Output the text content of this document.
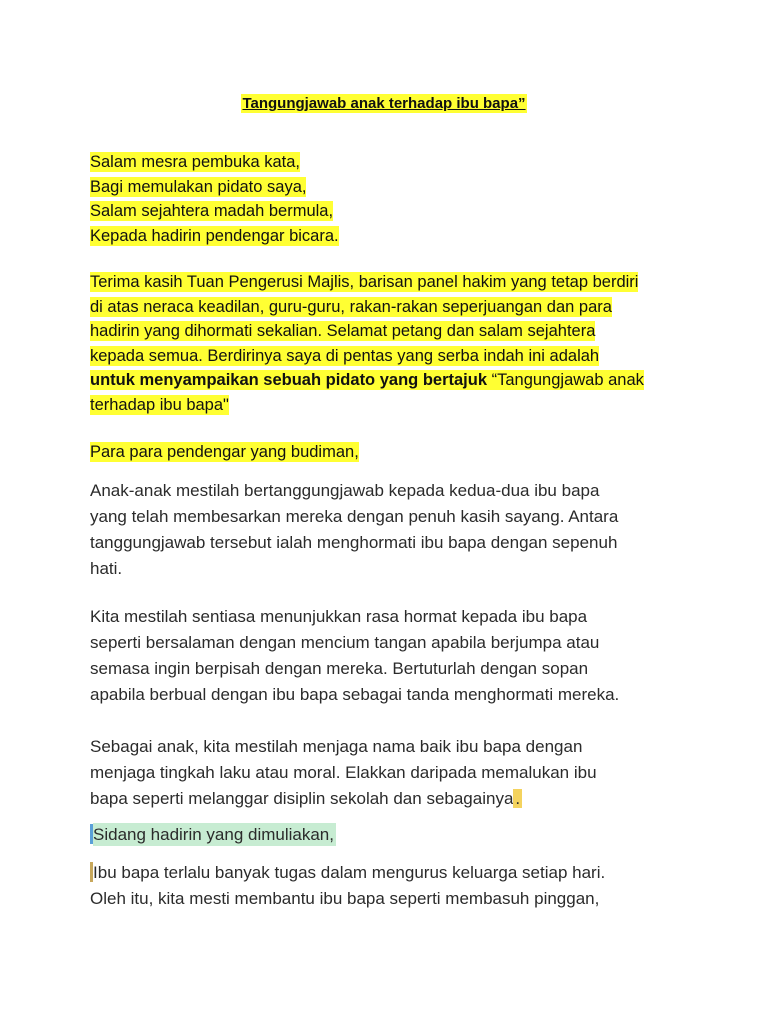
Tangungjawab anak terhadap ibu bapa”
Salam mesra pembuka kata,
Bagi memulakan pidato saya,
Salam sejahtera madah bermula,
Kepada hadirin pendengar bicara.
Terima kasih Tuan Pengerusi Majlis, barisan panel hakim yang tetap berdiri
di atas neraca keadilan, guru-guru, rakan-rakan seperjuangan dan para
hadirin yang dihormati sekalian. Selamat petang dan salam sejahtera
kepada semua. Berdirinya saya di pentas yang serba indah ini adalah
untuk menyampaikan sebuah pidato yang bertajuk “Tangungjawab anak
terhadap ibu bapa"
Para para pendengar yang budiman,
Anak-anak mestilah bertanggungjawab kepada kedua-dua ibu bapa
yang telah membesarkan mereka dengan penuh kasih sayang. Antara
tanggungjawab tersebut ialah menghormati ibu bapa dengan sepenuh
hati.
Kita mestilah sentiasa menunjukkan rasa hormat kepada ibu bapa
seperti bersalaman dengan mencium tangan apabila berjumpa atau
semasa ingin berpisah dengan mereka. Bertuturlah dengan sopan
apabila berbual dengan ibu bapa sebagai tanda menghormati mereka.
Sebagai anak, kita mestilah menjaga nama baik ibu bapa dengan
menjaga tingkah laku atau moral. Elakkan daripada memalukan ibu
bapa seperti melanggar disiplin sekolah dan sebagainya .
Sidang hadirin yang dimuliakan,
Ibu bapa terlalu banyak tugas dalam mengurus keluarga setiap hari.
Oleh itu, kita mesti membantu ibu bapa seperti membasuh pinggan,
